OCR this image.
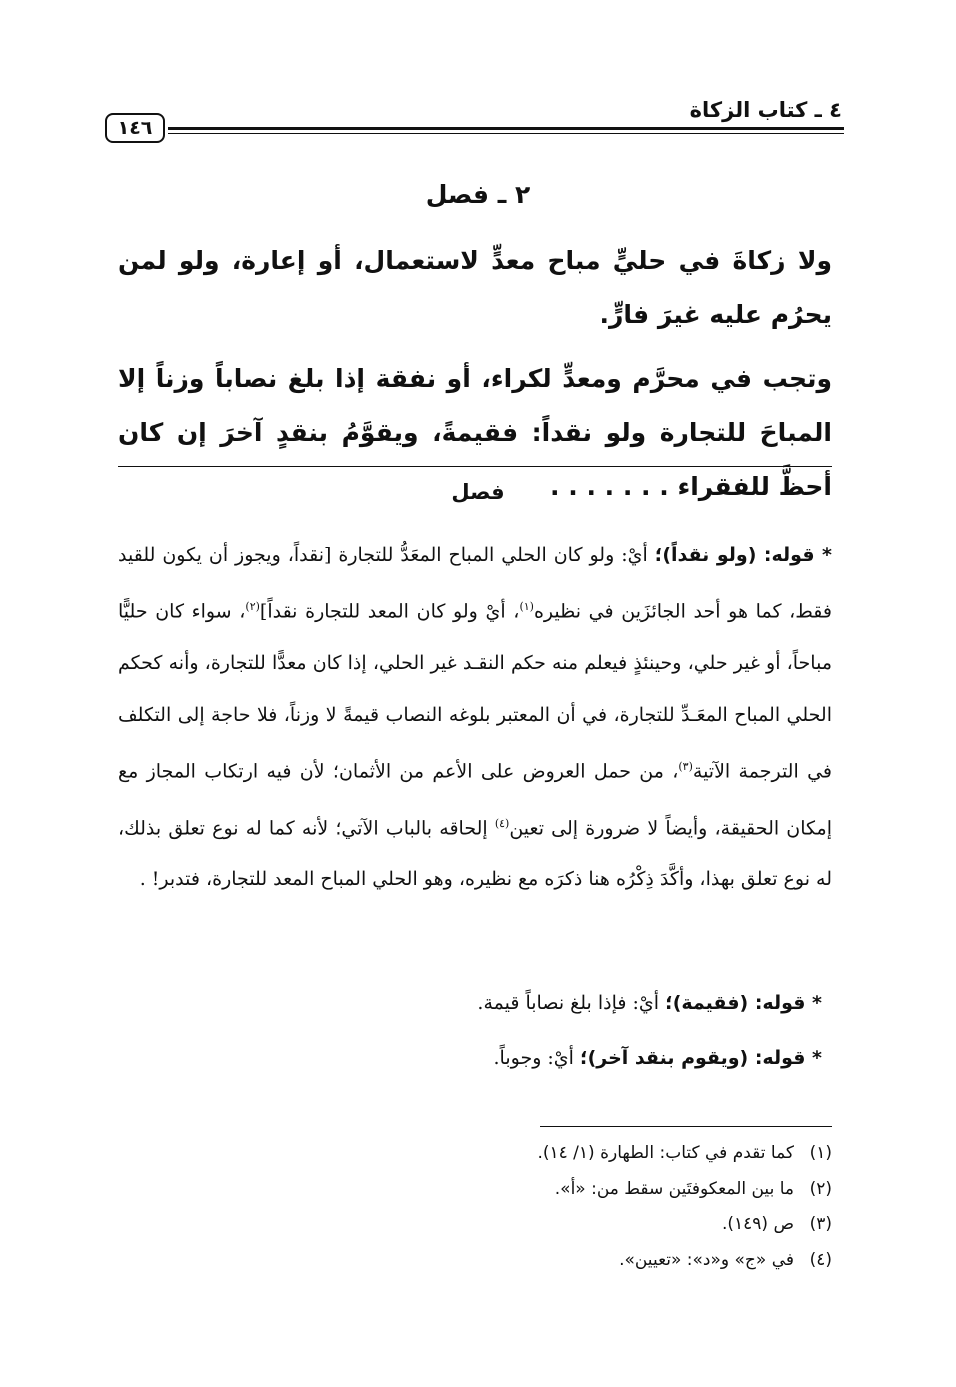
٤ ـ كتاب الزكاة
١٤٦
٢ ـ فصل
ولا زكاةَ في حليٍّ مباح معدٍّ لاستعمال، أو إعارة، ولو لمن يحرُم عليه غيرَ فارٍّ.
وتجب في محرَّم ومعدٍّ لكراء، أو نفقة إذا بلغ نصاباً وزناً إلا المباحَ للتجارة ولو نقداً: فقيمةً، ويقوَّمُ بنقدٍ آخرَ إن كان أحظَّ للفقراء . . . . . . .
فصل

* قوله: (ولو نقداً)؛ أيْ: ولو كان الحلي المباح المعَدُّ للتجارة [نقداً، ويجوز أن يكون للقيد فقط، كما هو أحد الجائزَين في نظيره$^{(١)}$، أيْ ولو كان المعد للتجارة نقداً]$^{(٢)}$، سواء كان حليًّا مباحاً، أو غير حلي، وحينئذٍ فيعلم منه حكم النقـد غير الحلي، إذا كان معدًّا للتجارة، وأنه كحكم الحلي المباح المعَـدِّ للتجارة، في أن المعتبر بلوغه النصاب قيمةً لا وزناً، فلا حاجة إلى التكلف في الترجمة الآتية$^{(٣)}$، من حمل العروض على الأعم من الأثمان؛ لأن فيه ارتكاب المجاز مع إمكان الحقيقة، وأيضاً لا ضرورة إلى تعين$^{(٤)}$ إلحاقه بالباب الآتي؛ لأنه كما له نوع تعلق بذلك، له نوع تعلق بهذا، وأكَّدَ ذِكْرُه هنا ذكرَه مع نظيره، وهو الحلي المباح المعد للتجارة، فتدبر! .

* قوله: (فقيمة)؛ أيْ: فإذا بلغ نصاباً قيمة.
* قوله: (ويقوم بنقد آخر)؛ أيْ: وجوباً.
(١)كما تقدم في كتاب: الطهارة (١/ ١٤).
(٢)ما بين المعكوفتَين سقط من: «أ».
(٣)ص (١٤٩).
(٤)في «ج» و«د»: «تعيين».
